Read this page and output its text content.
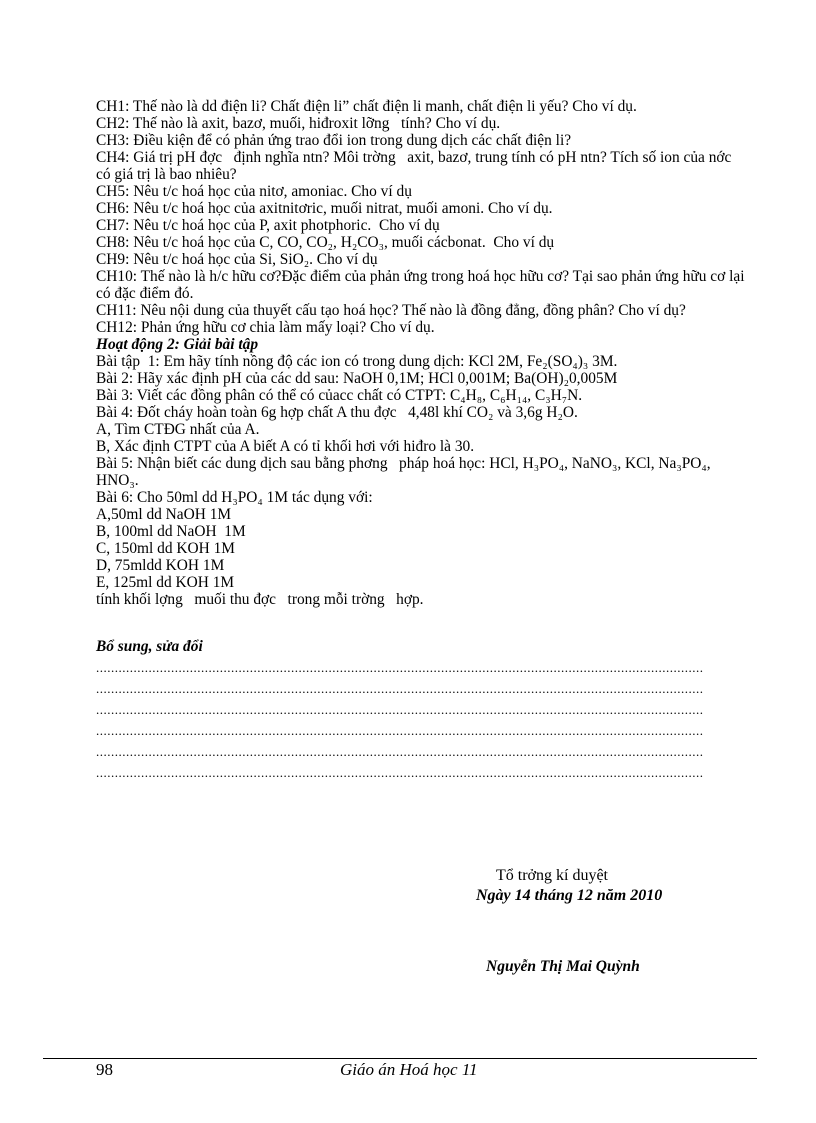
CH1: Thế nào là dd điện li? Chất điện li” chất điện li manh, chất điện li yếu? Cho ví dụ.

CH2: Thế nào là axit, bazơ, muối, hiđroxit lỡng   tính? Cho ví dụ.

CH3: Điều kiện để có phản ứng trao đổi ion trong dung dịch các chất điện li?

CH4: Giá trị pH đợc   định nghĩa ntn? Môi trờng   axit, bazơ, trung tính có pH ntn? Tích số ion của nớc   có giá trị là bao nhiêu?

CH5: Nêu t/c hoá học của nitơ, amoniac. Cho ví dụ

CH6: Nêu t/c hoá học của axitnitơric, muối nitrat, muối amoni. Cho ví dụ.

CH7: Nêu t/c hoá học của P, axit photphoric.  Cho ví dụ

CH8: Nêu t/c hoá học của C, CO, CO₂, H₂CO₃, muối cácbonat.  Cho ví dụ

CH9: Nêu t/c hoá học của Si, SiO₂. Cho ví dụ

CH10: Thế nào là h/c hữu cơ?Đặc điểm của phản ứng trong hoá học hữu cơ? Tại sao phản ứng hữu cơ lại có đặc điểm đó.

CH11: Nêu nội dung của thuyết cấu tạo hoá học? Thế nào là đồng đẳng, đồng phân? Cho ví dụ?

CH12: Phản ứng hữu cơ chia làm mấy loại? Cho ví dụ.

Hoạt động 2: Giải bài tập

Bài tập  1: Em hãy tính nồng độ các ion có trong dung dịch: KCl 2M, Fe₂(SO₄)₃ 3M.

Bài 2: Hãy xác định pH của các dd sau: NaOH 0,1M; HCl 0,001M; Ba(OH)₂0,005M

Bài 3: Viết các đồng phân có thể có củacc chất có CTPT: C₄H₈, C₆H₁₄, C₃H₇N.

Bài 4: Đốt cháy hoàn toàn 6g hợp chất A thu đợc   4,48l khí CO₂ và 3,6g H₂O.

A, Tìm CTĐG nhất của A.

B, Xác định CTPT của A biết A có tỉ khối hơi với hiđro là 30.

Bài 5: Nhận biết các dung dịch sau bằng phơng   pháp hoá học: HCl, H₃PO₄, NaNO₃, KCl, Na₃PO₄, HNO₃.

Bài 6: Cho 50ml dd H₃PO₄ 1M tác dụng với:

A,50ml dd NaOH 1M

B, 100ml dd NaOH  1M

C, 150ml dd KOH 1M

D, 75mldd KOH 1M

E, 125ml dd KOH 1M

tính khối lợng   muối thu đợc   trong mỗi trờng   hợp.

Bổ sung, sửa đổi

..................................................................................................................................................................
..................................................................................................................................................................
..................................................................................................................................................................
..................................................................................................................................................................
..................................................................................................................................................................
..................................................................................................................................................................
Tổ trởng kí duyệt
Ngày 14 tháng 12 năm 2010
Nguyễn Thị Mai Quỳnh
98	Giáo án Hoá học 11
